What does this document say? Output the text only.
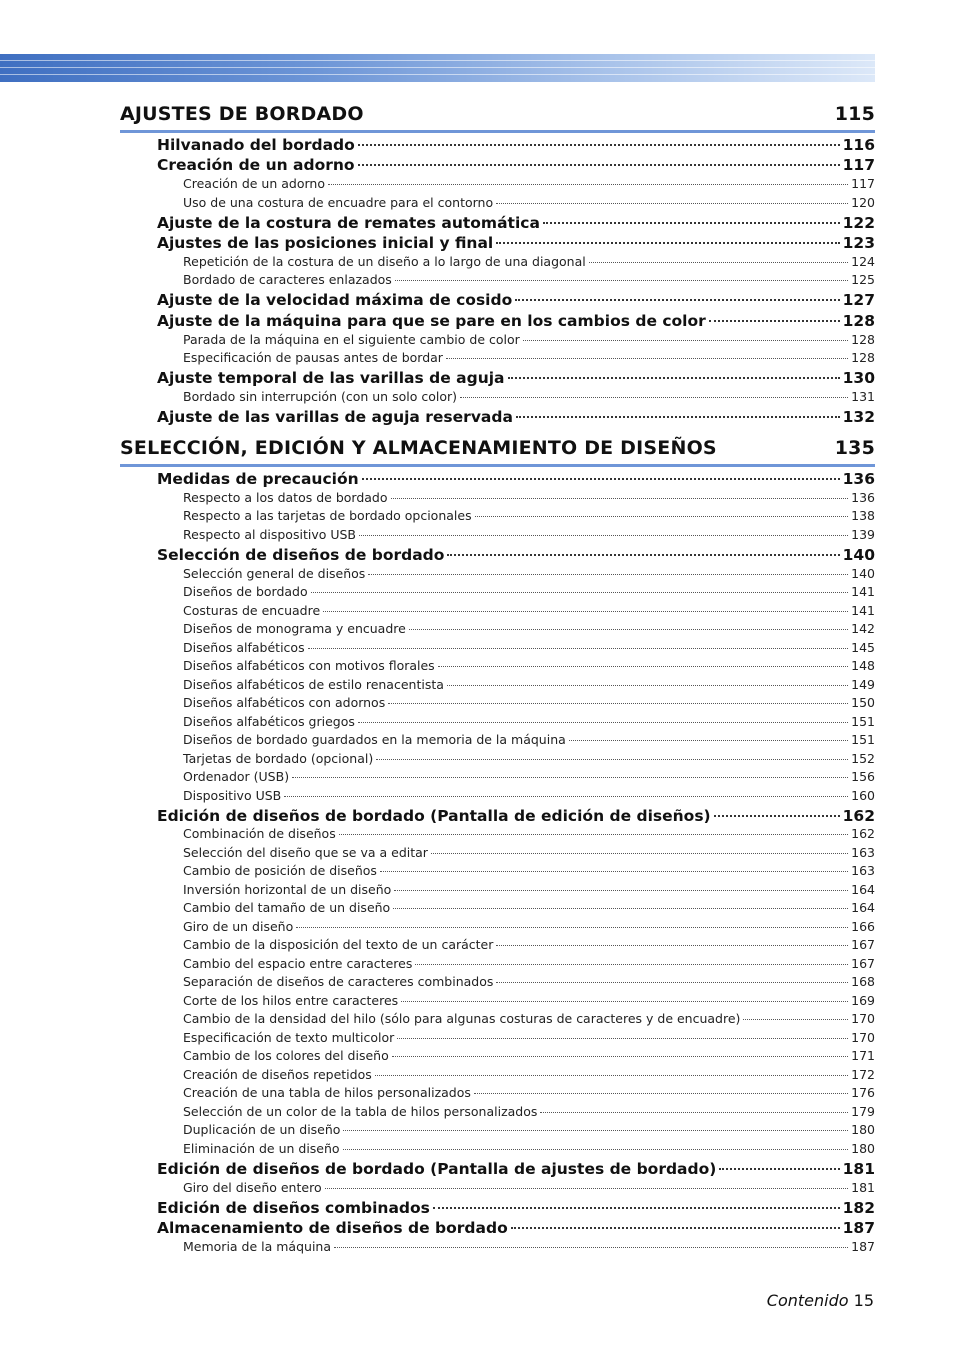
AJUSTES DE BORDADO	115
Hilvanado del bordado	116
Creación de un adorno	117
Creación de un adorno	117
Uso de una costura de encuadre para el contorno	120
Ajuste de la costura de remates automática	122
Ajustes de las posiciones inicial y final	123
Repetición de la costura de un diseño a lo largo de una diagonal	124
Bordado de caracteres enlazados	125
Ajuste de la velocidad máxima de cosido	127
Ajuste de la máquina para que se pare en los cambios de color	128
Parada de la máquina en el siguiente cambio de color	128
Especificación de pausas antes de bordar	128
Ajuste temporal de las varillas de aguja	130
Bordado sin interrupción (con un solo color)	131
Ajuste de las varillas de aguja reservada	132
SELECCIÓN, EDICIÓN Y ALMACENAMIENTO DE DISEÑOS	135
Medidas de precaución	136
Respecto a los datos de bordado	136
Respecto a las tarjetas de bordado opcionales	138
Respecto al dispositivo USB	139
Selección de diseños de bordado	140
Selección general de diseños	140
Diseños de bordado	141
Costuras de encuadre	141
Diseños de monograma y encuadre	142
Diseños alfabéticos	145
Diseños alfabéticos con motivos florales	148
Diseños alfabéticos de estilo renacentista	149
Diseños alfabéticos con adornos	150
Diseños alfabéticos griegos	151
Diseños de bordado guardados en la memoria de la máquina	151
Tarjetas de bordado (opcional)	152
Ordenador (USB)	156
Dispositivo USB	160
Edición de diseños de bordado (Pantalla de edición de diseños)	162
Combinación de diseños	162
Selección del diseño que se va a editar	163
Cambio de posición de diseños	163
Inversión horizontal de un diseño	164
Cambio del tamaño de un diseño	164
Giro de un diseño	166
Cambio de la disposición del texto de un carácter	167
Cambio del espacio entre caracteres	167
Separación de diseños de caracteres combinados	168
Corte de los hilos entre caracteres	169
Cambio de la densidad del hilo (sólo para algunas costuras de caracteres y de encuadre)	170
Especificación de texto multicolor	170
Cambio de los colores del diseño	171
Creación de diseños repetidos	172
Creación de una tabla de hilos personalizados	176
Selección de un color de la tabla de hilos personalizados	179
Duplicación de un diseño	180
Eliminación de un diseño	180
Edición de diseños de bordado (Pantalla de ajustes de bordado)	181
Giro del diseño entero	181
Edición de diseños combinados	182
Almacenamiento de diseños de bordado	187
Memoria de la máquina	187
Contenido 15
